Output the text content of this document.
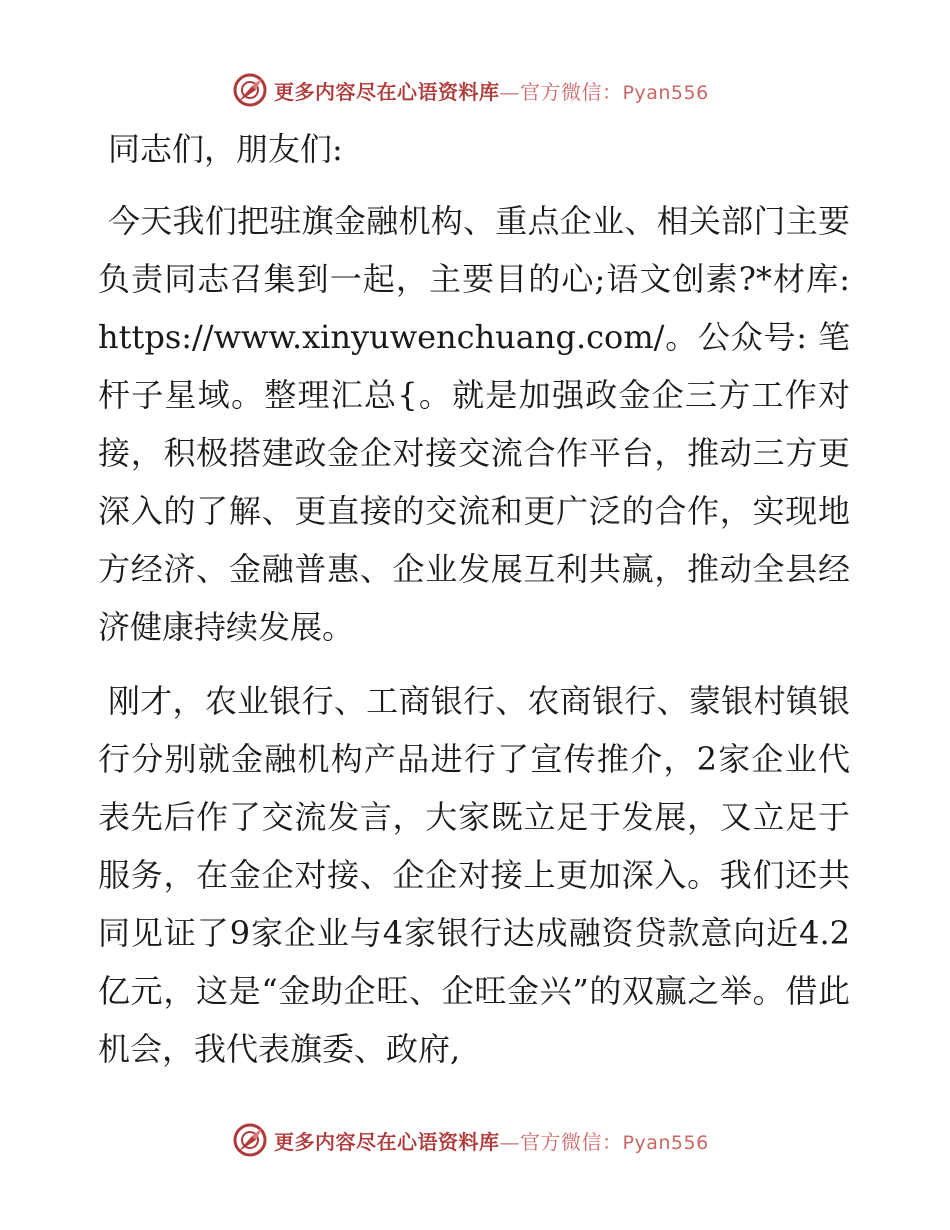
更多内容尽在心语资料库—官方微信：Pyan556

同志们，朋友们:

今天我们把驻旗金融机构、重点企业、相关部门主要负责同志召集到一起，主要目的心;语文创素?*材库: https://www.xinyuwenchuang.com/。公众号: 笔杆子星域。整理汇总{。就是加强政金企三方工作对接，积极搭建政金企对接交流合作平台，推动三方更深入的了解、更直接的交流和更广泛的合作，实现地方经济、金融普惠、企业发展互利共赢，推动全县经济健康持续发展。

刚才，农业银行、工商银行、农商银行、蒙银村镇银行分别就金融机构产品进行了宣传推介，2家企业代表先后作了交流发言，大家既立足于发展，又立足于服务，在金企对接、企企对接上更加深入。我们还共同见证了9家企业与4家银行达成融资贷款意向近4.2亿元，这是“金助企旺、企旺金兴”的双赢之举。借此机会，我代表旗委、政府,

更多内容尽在心语资料库—官方微信：Pyan556
